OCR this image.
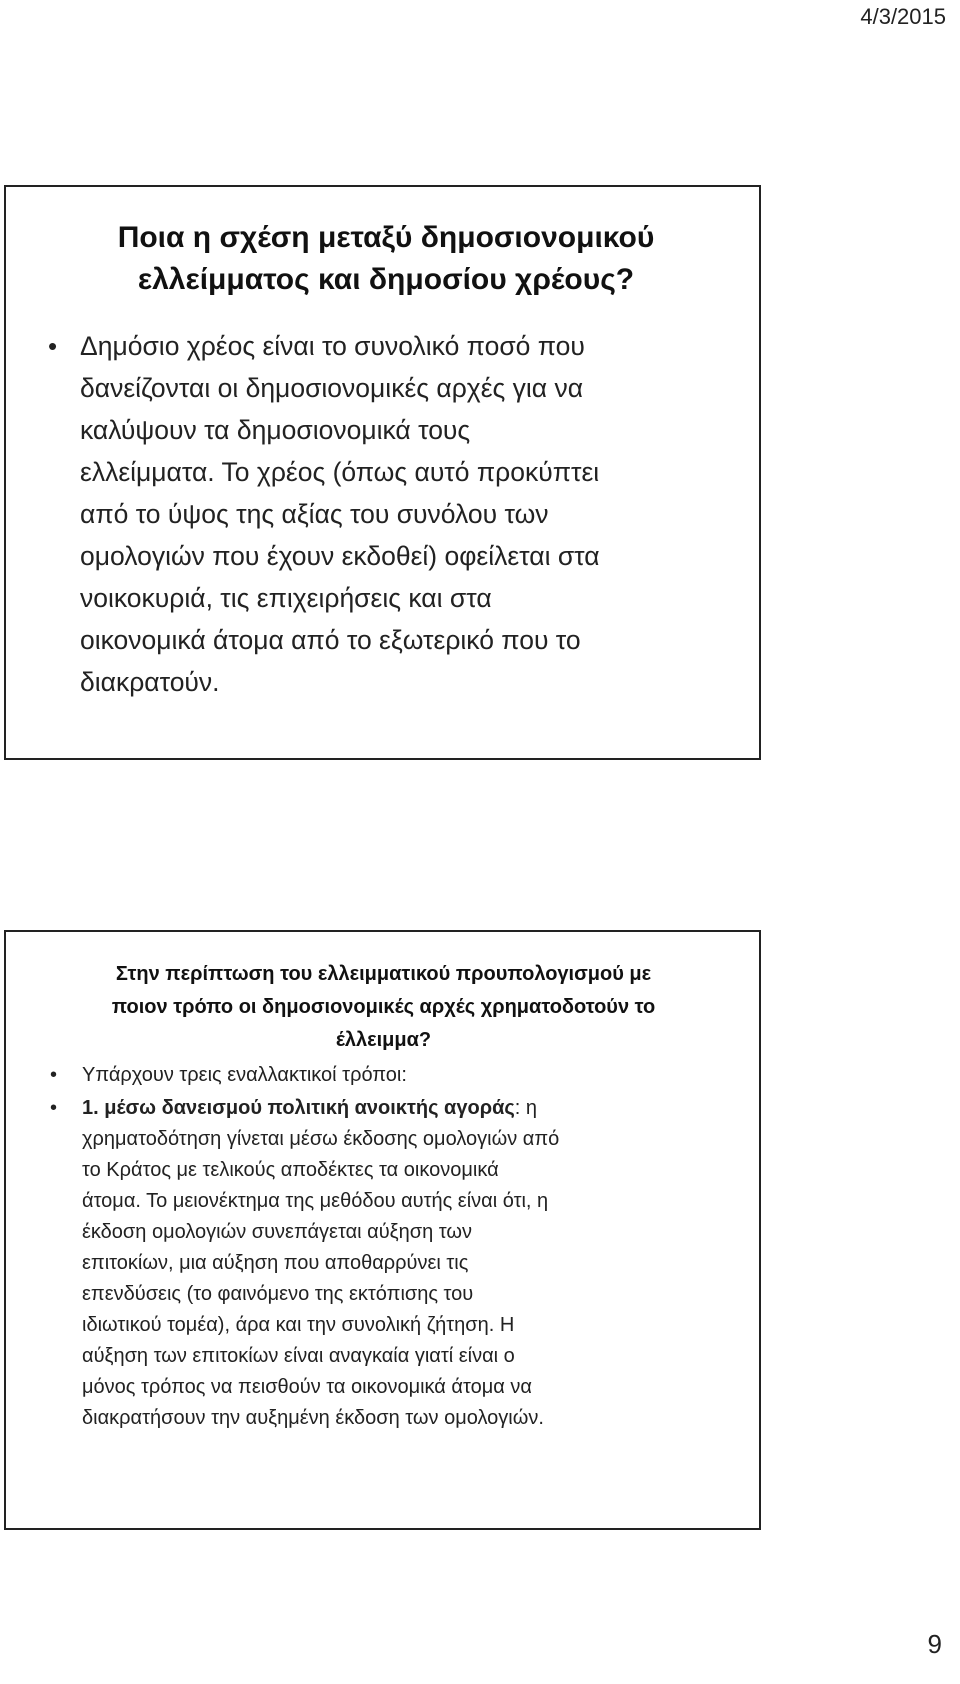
4/3/2015
Ποια η σχέση μεταξύ δημοσιονομικού
ελλείμματος και δημοσίου χρέους?
• Δημόσιο χρέος είναι το συνολικό ποσό που
δανείζονται οι δημοσιονομικές αρχές για να
καλύψουν τα δημοσιονομικά τους
ελλείμματα. Το χρέος (όπως αυτό προκύπτει
από το ύψος της αξίας του συνόλου των
ομολογιών που έχουν εκδοθεί) οφείλεται στα
νοικοκυριά, τις επιχειρήσεις και στα
οικονομικά άτομα από το εξωτερικό που το
διακρατούν.
Στην περίπτωση του ελλειμματικού προυπολογισμού με
ποιον τρόπο οι δημοσιονομικές αρχές χρηματοδοτούν το
έλλειμμα?
• Υπάρχουν τρεις εναλλακτικοί τρόποι:
• 1. μέσω δανεισμού πολιτική ανοικτής αγοράς: η
χρηματοδότηση γίνεται μέσω έκδοσης ομολογιών από
το Κράτος με τελικούς αποδέκτες τα οικονομικά
άτομα. Το μειονέκτημα της μεθόδου αυτής είναι ότι, η
έκδοση ομολογιών συνεπάγεται αύξηση των
επιτοκίων, μια αύξηση που αποθαρρύνει τις
επενδύσεις (το φαινόμενο της εκτόπισης του
ιδιωτικού τομέα), άρα και την συνολική ζήτηση. Η
αύξηση των επιτοκίων είναι αναγκαία γιατί είναι ο
μόνος τρόπος να πεισθούν τα οικονομικά άτομα να
διακρατήσουν την αυξημένη έκδοση των ομολογιών.
9
